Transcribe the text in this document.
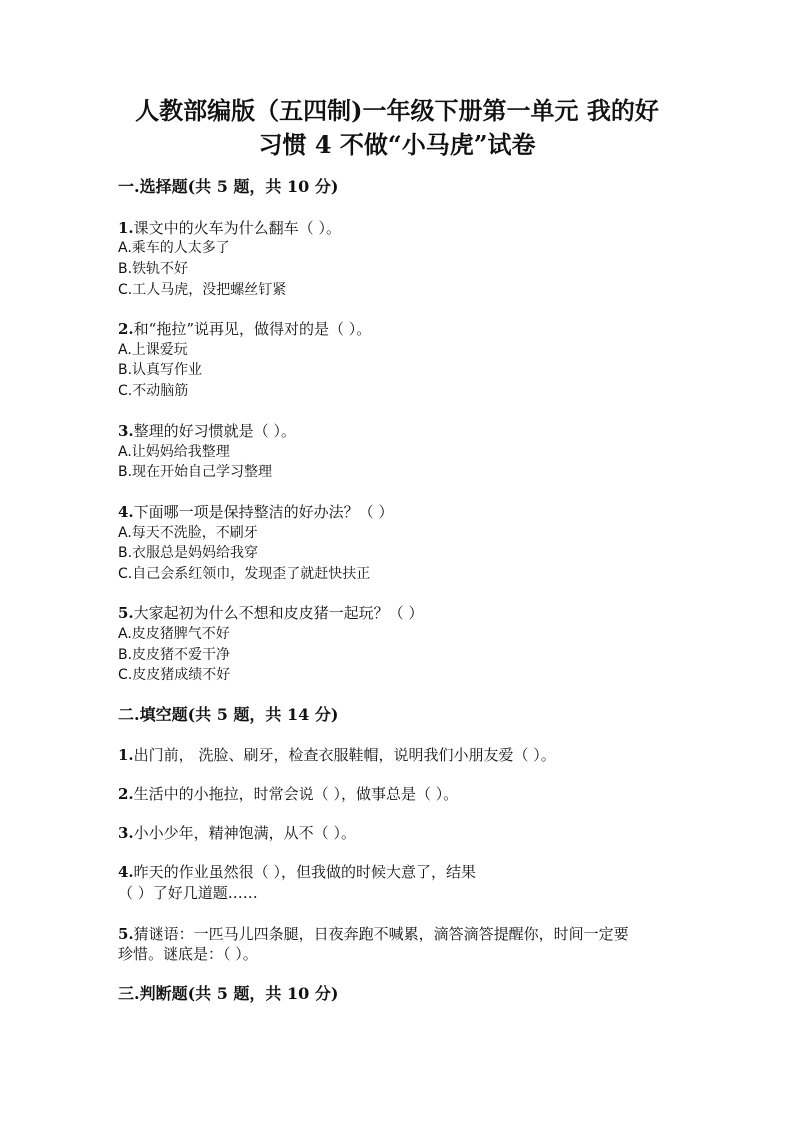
人教部编版（五四制)一年级下册第一单元 我的好
习惯 4 不做“小马虎”试卷
一.选择题(共 5 题，共 10 分)
1.课文中的火车为什么翻车（ ）。
A.乘车的人太多了
B.铁轨不好
C.工人马虎，没把螺丝钉紧
2.和“拖拉”说再见，做得对的是（ ）。
A.上课爱玩
B.认真写作业
C.不动脑筋
3.整理的好习惯就是（ ）。
A.让妈妈给我整理
B.现在开始自己学习整理
4.下面哪一项是保持整洁的好办法？（ ）
A.每天不洗脸，不刷牙
B.衣服总是妈妈给我穿
C.自己会系红领巾，发现歪了就赶快扶正
5.大家起初为什么不想和皮皮猪一起玩？（ ）
A.皮皮猪脾气不好
B.皮皮猪不爱干净
C.皮皮猪成绩不好
二.填空题(共 5 题，共 14 分)
1.出门前， 洗脸、刷牙，检查衣服鞋帽，说明我们小朋友爱（ ）。
2.生活中的小拖拉，时常会说（ ），做事总是（ ）。
3.小小少年，精神饱满，从不（ ）。
4.昨天的作业虽然很（ ），但我做的时候大意了，结果
（ ）了好几道题……
5.猜谜语：一匹马儿四条腿，日夜奔跑不喊累，滴答滴答提醒你，时间一定要
珍惜。谜底是：（ ）。
三.判断题(共 5 题，共 10 分)
